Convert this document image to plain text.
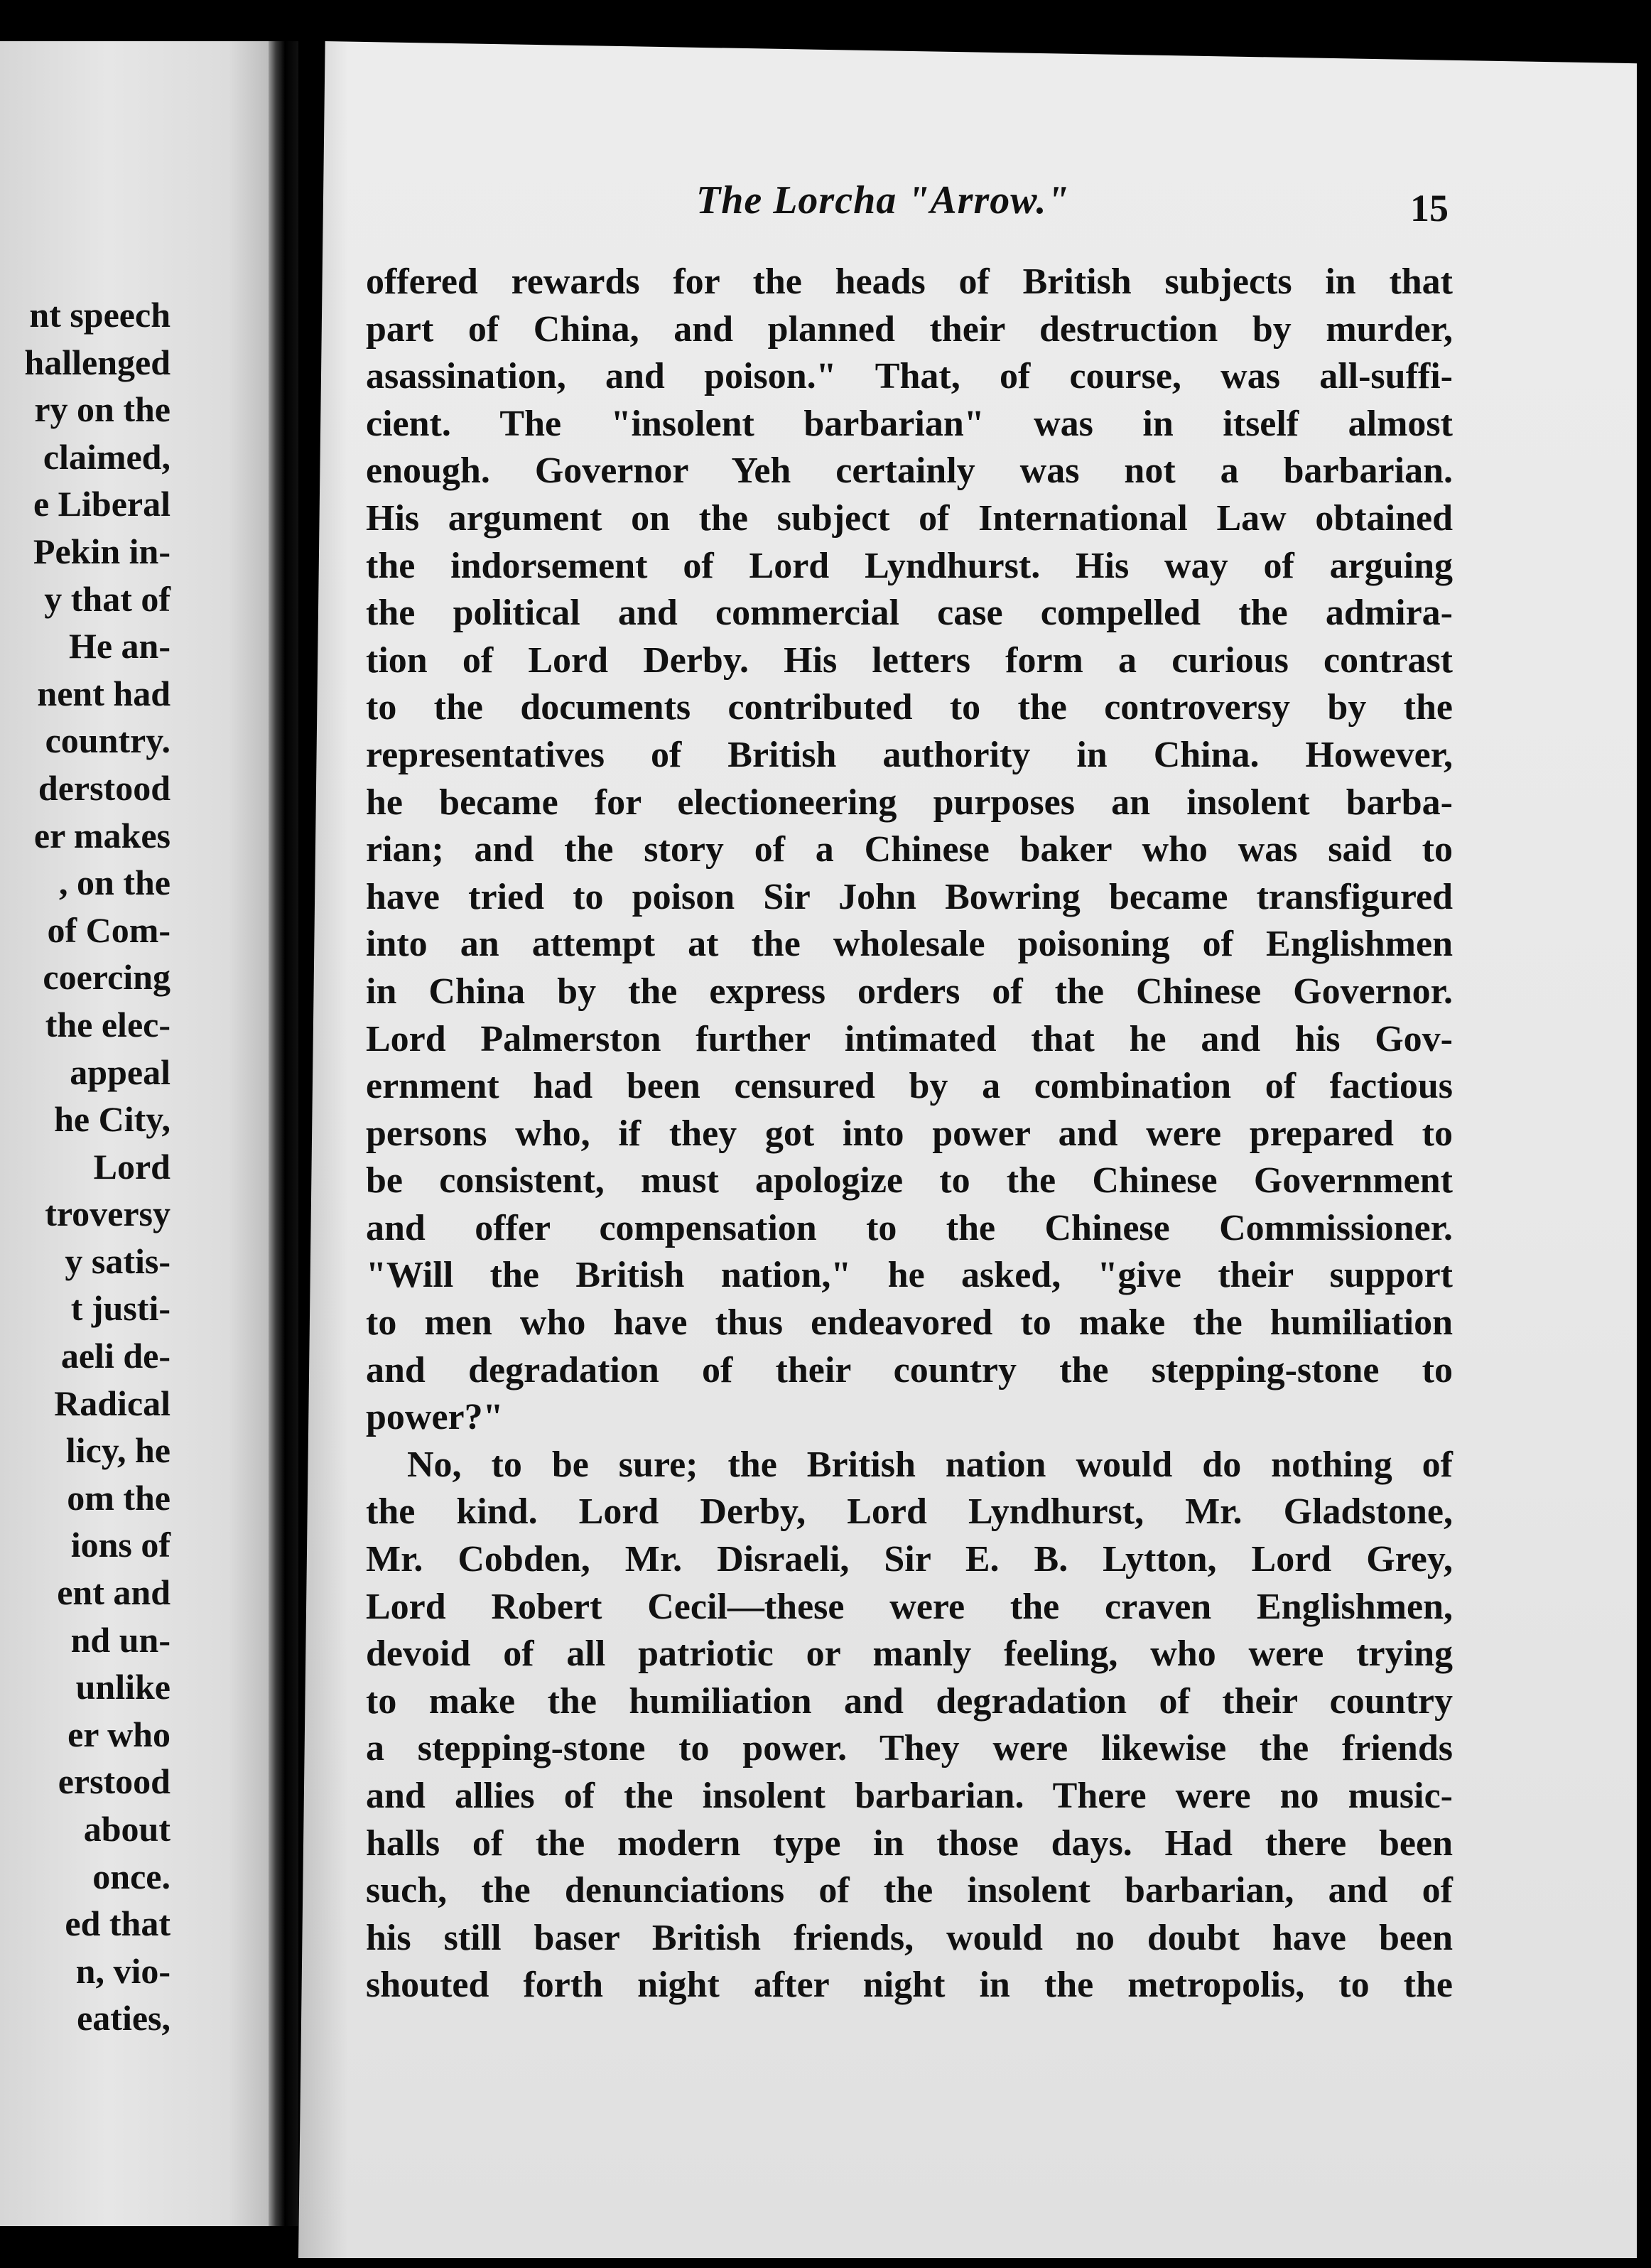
nt speech
hallenged
ry on the
claimed,
e Liberal
Pekin in-
y that of
He an-
nent had
country.
derstood
er makes
, on the
of Com-
coercing
the elec-
appeal
he City,
Lord
troversy
y satis-
t justi-
aeli de-
Radical
licy, he
om the
ions of
ent and
nd un-
unlike
er who
erstood
about
once.
ed that
n, vio-
eaties,
The Lorcha "Arrow."	15
offered rewards for the heads of British subjects in that
part of China, and planned their destruction by murder,
asassination, and poison." That, of course, was all-suffi-
cient. The "insolent barbarian" was in itself almost
enough. Governor Yeh certainly was not a barbarian.
His argument on the subject of International Law obtained
the indorsement of Lord Lyndhurst. His way of arguing
the political and commercial case compelled the admira-
tion of Lord Derby. His letters form a curious contrast
to the documents contributed to the controversy by the
representatives of British authority in China. However,
he became for electioneering purposes an insolent barba-
rian; and the story of a Chinese baker who was said to
have tried to poison Sir John Bowring became transfigured
into an attempt at the wholesale poisoning of Englishmen
in China by the express orders of the Chinese Governor.
Lord Palmerston further intimated that he and his Gov-
ernment had been censured by a combination of factious
persons who, if they got into power and were prepared to
be consistent, must apologize to the Chinese Government
and offer compensation to the Chinese Commissioner.
"Will the British nation," he asked, "give their support
to men who have thus endeavored to make the humiliation
and degradation of their country the stepping-stone to
power?"
No, to be sure; the British nation would do nothing of
the kind. Lord Derby, Lord Lyndhurst, Mr. Gladstone,
Mr. Cobden, Mr. Disraeli, Sir E. B. Lytton, Lord Grey,
Lord Robert Cecil—these were the craven Englishmen,
devoid of all patriotic or manly feeling, who were trying
to make the humiliation and degradation of their country
a stepping-stone to power. They were likewise the friends
and allies of the insolent barbarian. There were no music-
halls of the modern type in those days. Had there been
such, the denunciations of the insolent barbarian, and of
his still baser British friends, would no doubt have been
shouted forth night after night in the metropolis, to the
